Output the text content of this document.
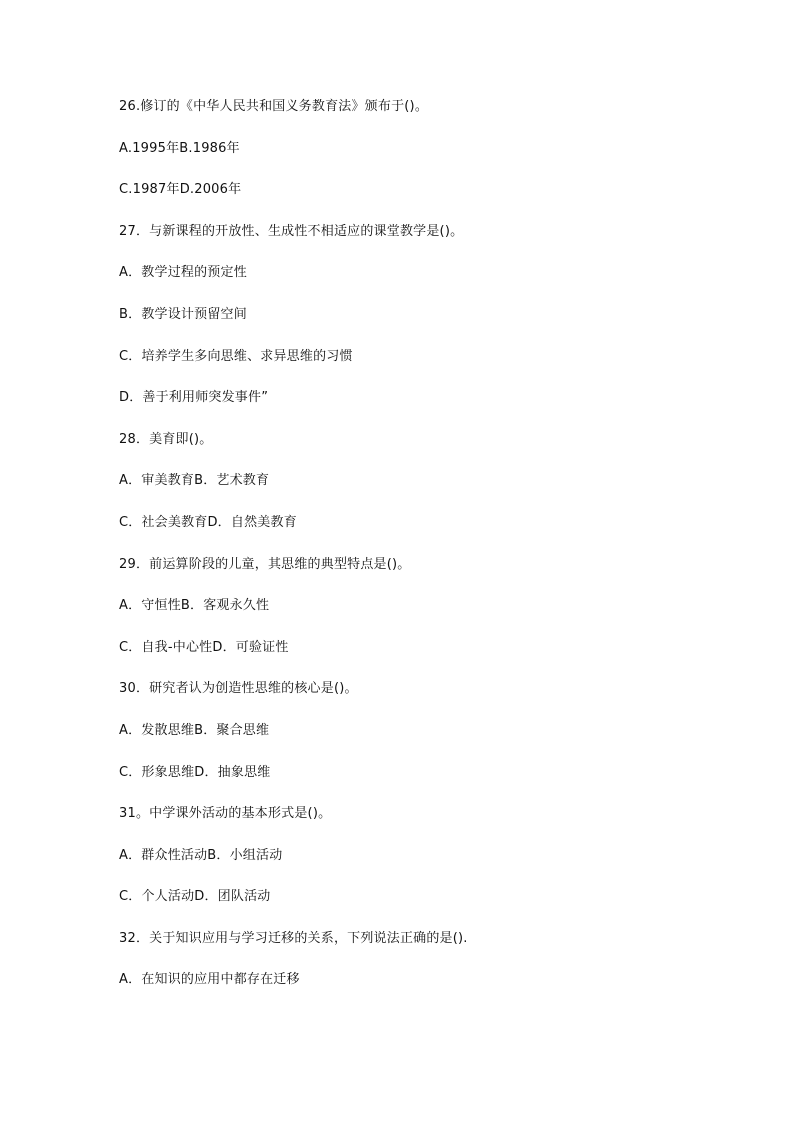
26.修订的《中华人民共和国义务教育法》颁布于()。
A.1995年B.1986年
C.1987年D.2006年
27．与新课程的开放性、生成性不相适应的课堂教学是()。
A．教学过程的预定性
B．教学设计预留空间
C．培养学生多向思维、求异思维的习惯
D．善于利用师突发事件”
28．美育即()。
A．审美教育B．艺术教育
C．社会美教育D．自然美教育
29．前运算阶段的儿童，其思维的典型特点是()。
A．守恒性B．客观永久性
C．自我-中心性D．可验证性
30．研究者认为创造性思维的核心是()。
A．发散思维B．聚合思维
C．形象思维D．抽象思维
31。中学课外活动的基本形式是()。
A．群众性活动B．小组活动
C．个人活动D．团队活动
32．关于知识应用与学习迁移的关系，下列说法正确的是().
A．在知识的应用中都存在迁移
